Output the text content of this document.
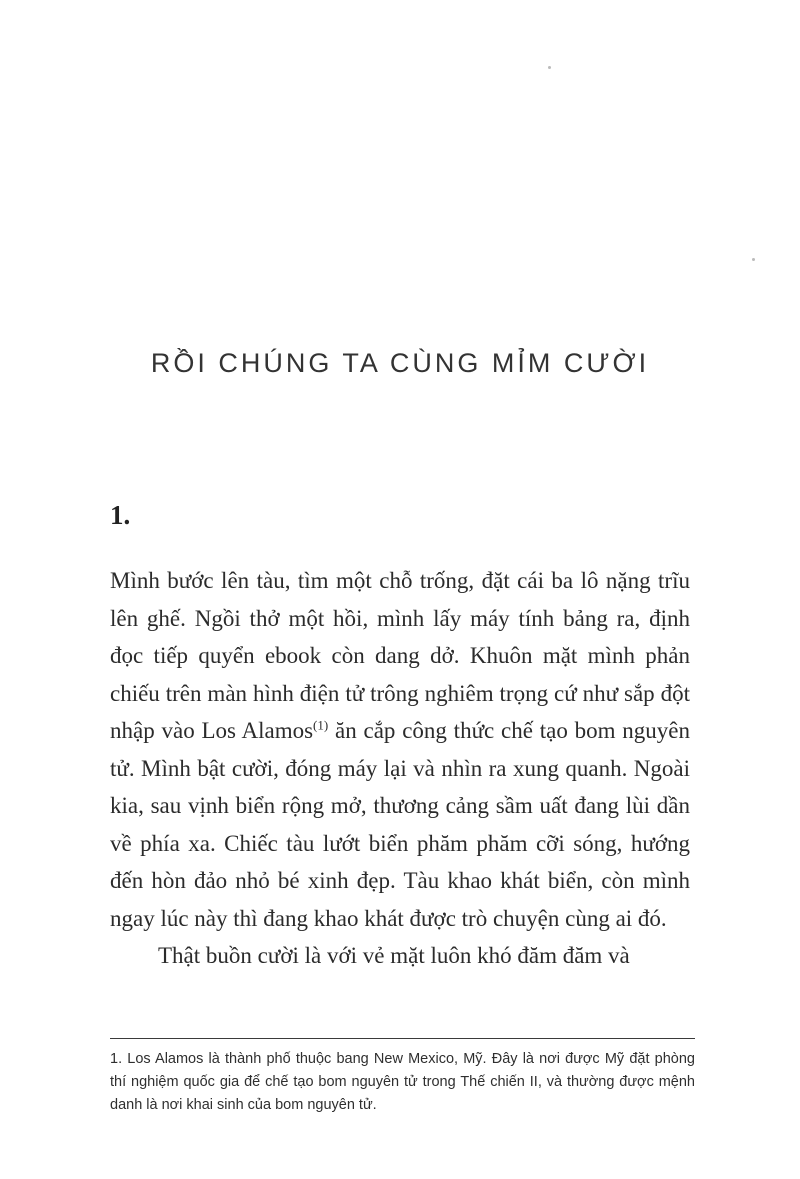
RỒI CHÚNG TA CÙNG MỈM CƯỜI
1.

Mình bước lên tàu, tìm một chỗ trống, đặt cái ba lô nặng trĩu lên ghế. Ngồi thở một hồi, mình lấy máy tính bảng ra, định đọc tiếp quyển ebook còn dang dở. Khuôn mặt mình phản chiếu trên màn hình điện tử trông nghiêm trọng cứ như sắp đột nhập vào Los Alamos$^{(1)}$ ăn cắp công thức chế tạo bom nguyên tử. Mình bật cười, đóng máy lại và nhìn ra xung quanh. Ngoài kia, sau vịnh biển rộng mở, thương cảng sầm uất đang lùi dần về phía xa. Chiếc tàu lướt biển phăm phăm cỡi sóng, hướng đến hòn đảo nhỏ bé xinh đẹp. Tàu khao khát biển, còn mình ngay lúc này thì đang khao khát được trò chuyện cùng ai đó.

Thật buồn cười là với vẻ mặt luôn khó đăm đăm và

1. Los Alamos là thành phố thuộc bang New Mexico, Mỹ. Đây là nơi được Mỹ đặt phòng thí nghiệm quốc gia để chế tạo bom nguyên tử trong Thế chiến II, và thường được mệnh danh là nơi khai sinh của bom nguyên tử.
